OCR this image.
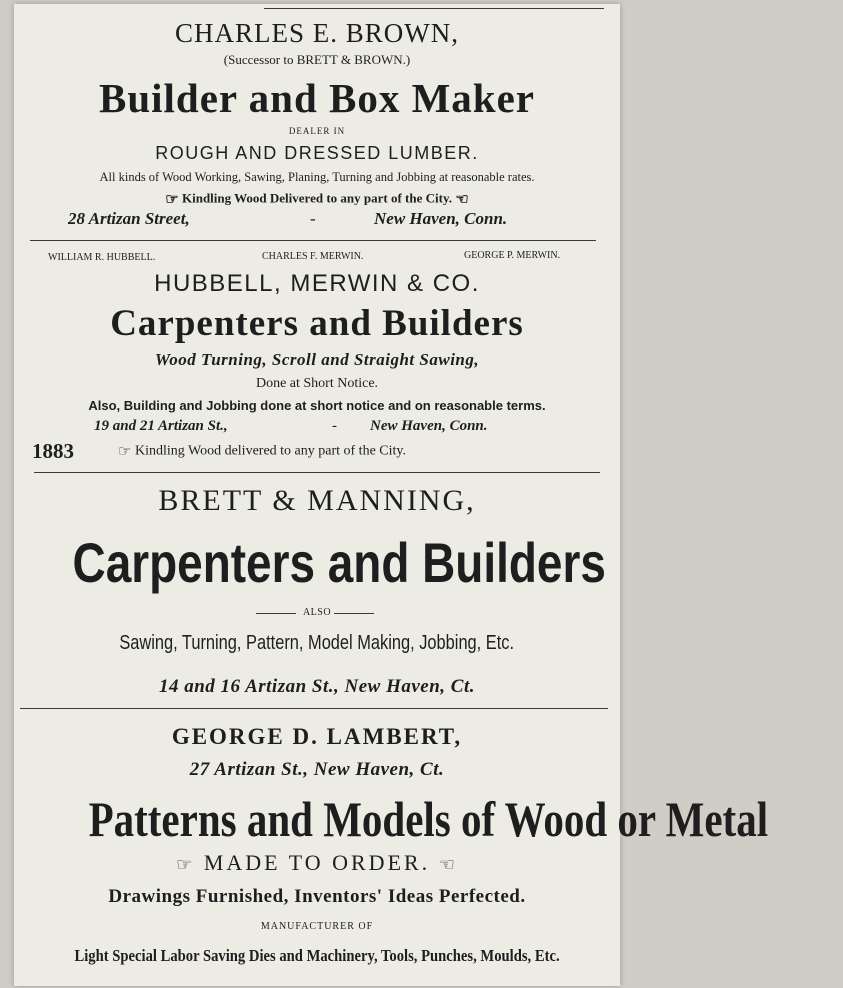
CHARLES E. BROWN,

(Successor to BRETT & BROWN.)

Builder and Box Maker

DEALER IN

ROUGH AND DRESSED LUMBER.

All kinds of Wood Working, Sawing, Planing, Turning and Jobbing at reasonable rates.

☞ Kindling Wood Delivered to any part of the City. ☜

28 Artizan Street,	-	New Haven, Conn.

WILLIAM R. HUBBELL.	CHARLES F. MERWIN.	GEORGE P. MERWIN.

HUBBELL, MERWIN & CO.

Carpenters and Builders

Wood Turning, Scroll and Straight Sawing,

Done at Short Notice.

Also, Building and Jobbing done at short notice and on reasonable terms.

19 and 21 Artizan St.,	- New Haven, Conn.

1883	☞ Kindling Wood delivered to any part of the City.

BRETT & MANNING,

Carpenters and Builders

ALSO

Sawing, Turning, Pattern, Model Making, Jobbing, Etc.

14 and 16 Artizan St., New Haven, Ct.

GEORGE D. LAMBERT,

27 Artizan St., New Haven, Ct.

Patterns and Models of Wood or Metal

☞ MADE TO ORDER. ☜

Drawings Furnished, Inventors' Ideas Perfected.

MANUFACTURER OF

Light Special Labor Saving Dies and Machinery, Tools, Punches, Moulds, Etc.
